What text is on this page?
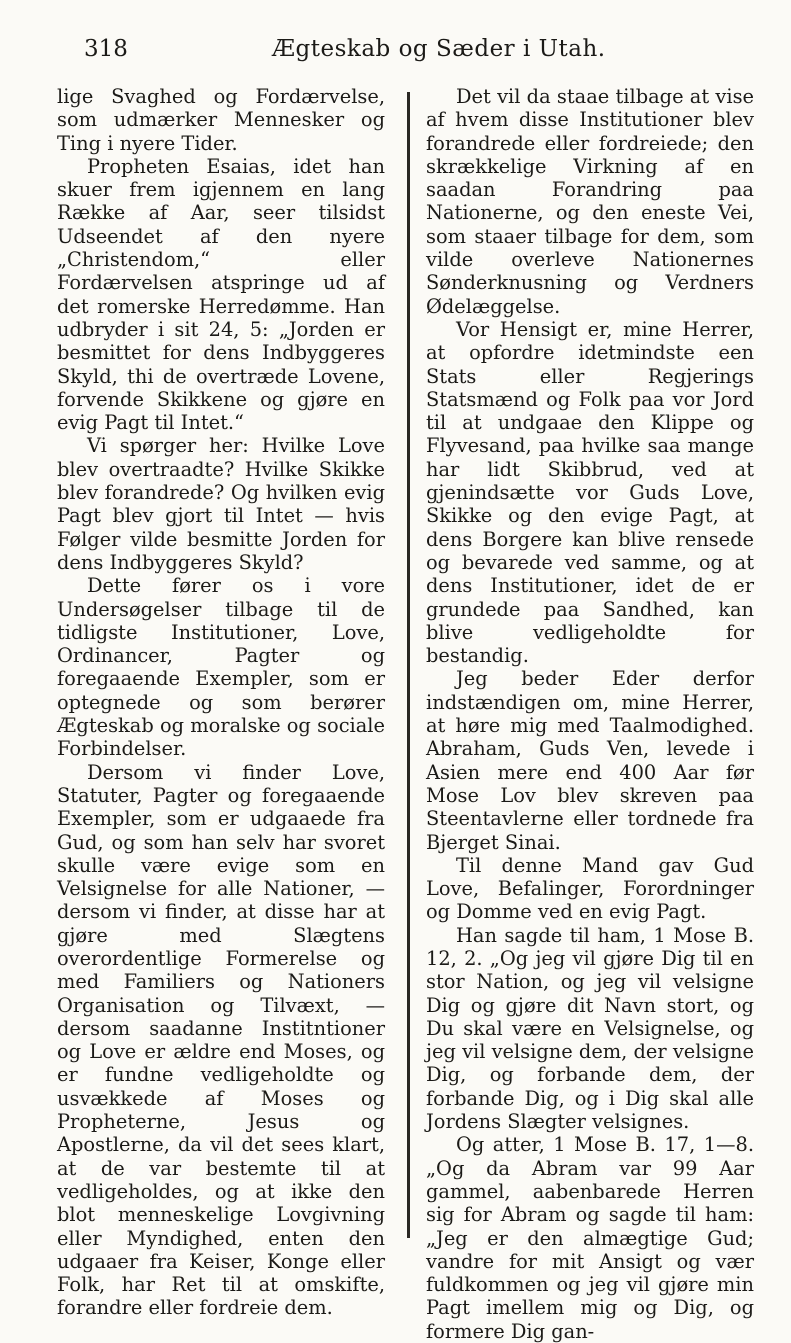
318	Ægteskab og Sæder i Utah.

lige Svaghed og Fordærvelse, som udmærker Mennesker og Ting i nyere Tider.

Propheten Esaias, idet han skuer frem igjennem en lang Række af Aar, seer tilsidst Udseendet af den nyere „Christendom,“ eller Fordærvelsen atspringe ud af det romerske Herredømme. Han udbryder i sit 24, 5: „Jorden er besmittet for dens Indbyggeres Skyld, thi de overtræde Lovene, forvende Skikkene og gjøre en evig Pagt til Intet.“

Vi spørger her: Hvilke Love blev overtraadte? Hvilke Skikke blev forandrede? Og hvilken evig Pagt blev gjort til Intet — hvis Følger vilde besmitte Jorden for dens Indbyggeres Skyld?

Dette fører os i vore Undersøgelser tilbage til de tidligste Institutioner, Love, Ordinancer, Pagter og foregaaende Exempler, som er optegnede og som berører Ægteskab og moralske og sociale Forbindelser.

Dersom vi finder Love, Statuter, Pagter og foregaaende Exempler, som er udgaaede fra Gud, og som han selv har svoret skulle være evige som en Velsignelse for alle Nationer, — dersom vi finder, at disse har at gjøre med Slægtens overordentlige Formerelse og med Familiers og Nationers Organisation og Tilvæxt, — dersom saadanne Institntioner og Love er ældre end Moses, og er fundne vedligeholdte og usvækkede af Moses og Propheterne, Jesus og Apostlerne, da vil det sees klart, at de var bestemte til at vedligeholdes, og at ikke den blot menneskelige Lovgivning eller Myndighed, enten den udgaaer fra Keiser, Konge eller Folk, har Ret til at omskifte, forandre eller fordreie dem.

Det vil da staae tilbage at vise af hvem disse Institutioner blev forandrede eller fordreiede; den skrækkelige Virkning af en saadan Forandring paa Nationerne, og den eneste Vei, som staaer tilbage for dem, som vilde overleve Nationernes Sønderknusning og Verdners Ødelæggelse.

Vor Hensigt er, mine Herrer, at opfordre idetmindste een Stats eller Regjerings Statsmænd og Folk paa vor Jord til at undgaae den Klippe og Flyvesand, paa hvilke saa mange har lidt Skibbrud, ved at gjenindsætte vor Guds Love, Skikke og den evige Pagt, at dens Borgere kan blive rensede og bevarede ved samme, og at dens Institutioner, idet de er grundede paa Sandhed, kan blive vedligeholdte for bestandig.

Jeg beder Eder derfor indstændigen om, mine Herrer, at høre mig med Taalmodighed. Abraham, Guds Ven, levede i Asien mere end 400 Aar før Mose Lov blev skreven paa Steentavlerne eller tordnede fra Bjerget Sinai.

Til denne Mand gav Gud Love, Befalinger, Forordninger og Domme ved en evig Pagt.

Han sagde til ham, 1 Mose B. 12, 2. „Og jeg vil gjøre Dig til en stor Nation, og jeg vil velsigne Dig og gjøre dit Navn stort, og Du skal være en Velsignelse, og jeg vil velsigne dem, der velsigne Dig, og forbande dem, der forbande Dig, og i Dig skal alle Jordens Slægter velsignes.

Og atter, 1 Mose B. 17, 1—8. „Og da Abram var 99 Aar gammel, aabenbarede Herren sig for Abram og sagde til ham: „Jeg er den almægtige Gud; vandre for mit Ansigt og vær fuldkommen og jeg vil gjøre min Pagt imellem mig og Dig, og formere Dig gan-
